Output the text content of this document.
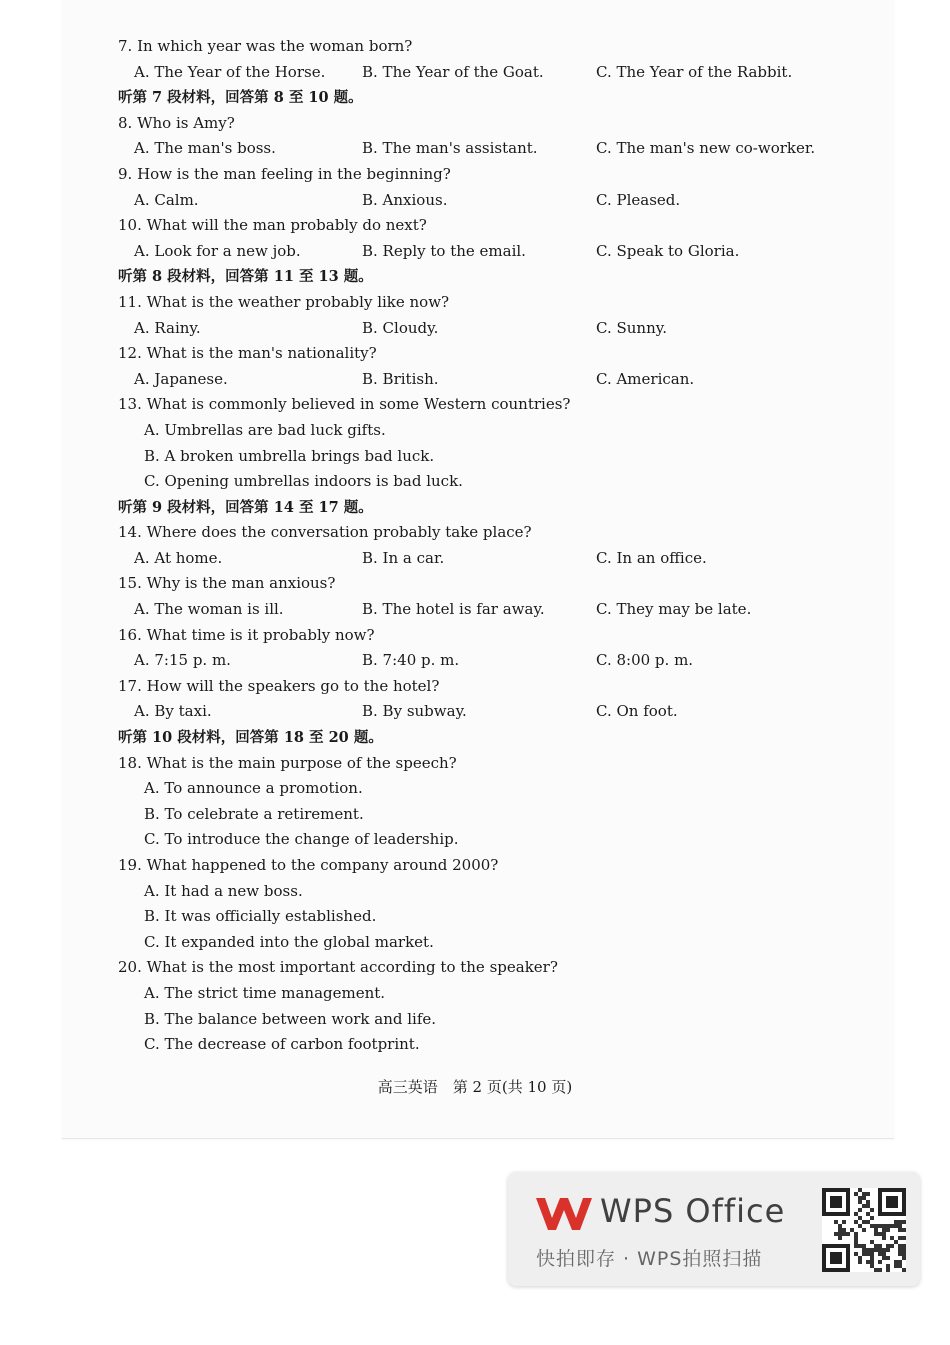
7. In which year was the woman born?
A. The Year of the Horse. B. The Year of the Goat.	C. The Year of the Rabbit.
听第 7 段材料，回答第 8 至 10 题。
8. Who is Amy?
A. The man's boss.	B. The man's assistant.	C. The man's new co-worker.
9. How is the man feeling in the beginning?
A. Calm.	B. Anxious.	C. Pleased.
10. What will the man probably do next?
A. Look for a new job.	B. Reply to the email.	C. Speak to Gloria.
听第 8 段材料，回答第 11 至 13 题。
11. What is the weather probably like now?
A. Rainy.	B. Cloudy.	C. Sunny.
12. What is the man's nationality?
A. Japanese.	B. British.	C. American.
13. What is commonly believed in some Western countries?
A. Umbrellas are bad luck gifts.
B. A broken umbrella brings bad luck.
C. Opening umbrellas indoors is bad luck.
听第 9 段材料，回答第 14 至 17 题。
14. Where does the conversation probably take place?
A. At home.	B. In a car.	C. In an office.
15. Why is the man anxious?
A. The woman is ill.	B. The hotel is far away.	C. They may be late.
16. What time is it probably now?
A. 7:15 p. m.	B. 7:40 p. m.	C. 8:00 p. m.
17. How will the speakers go to the hotel?
A. By taxi.	B. By subway.	C. On foot.
听第 10 段材料，回答第 18 至 20 题。
18. What is the main purpose of the speech?
A. To announce a promotion.
B. To celebrate a retirement.
C. To introduce the change of leadership.
19. What happened to the company around 2000?
A. It had a new boss.
B. It was officially established.
C. It expanded into the global market.
20. What is the most important according to the speaker?
A. The strict time management.
B. The balance between work and life.
C. The decrease of carbon footprint.
高三英语　第 2 页(共 10 页)
WPS Office
快拍即存 · WPS拍照扫描
